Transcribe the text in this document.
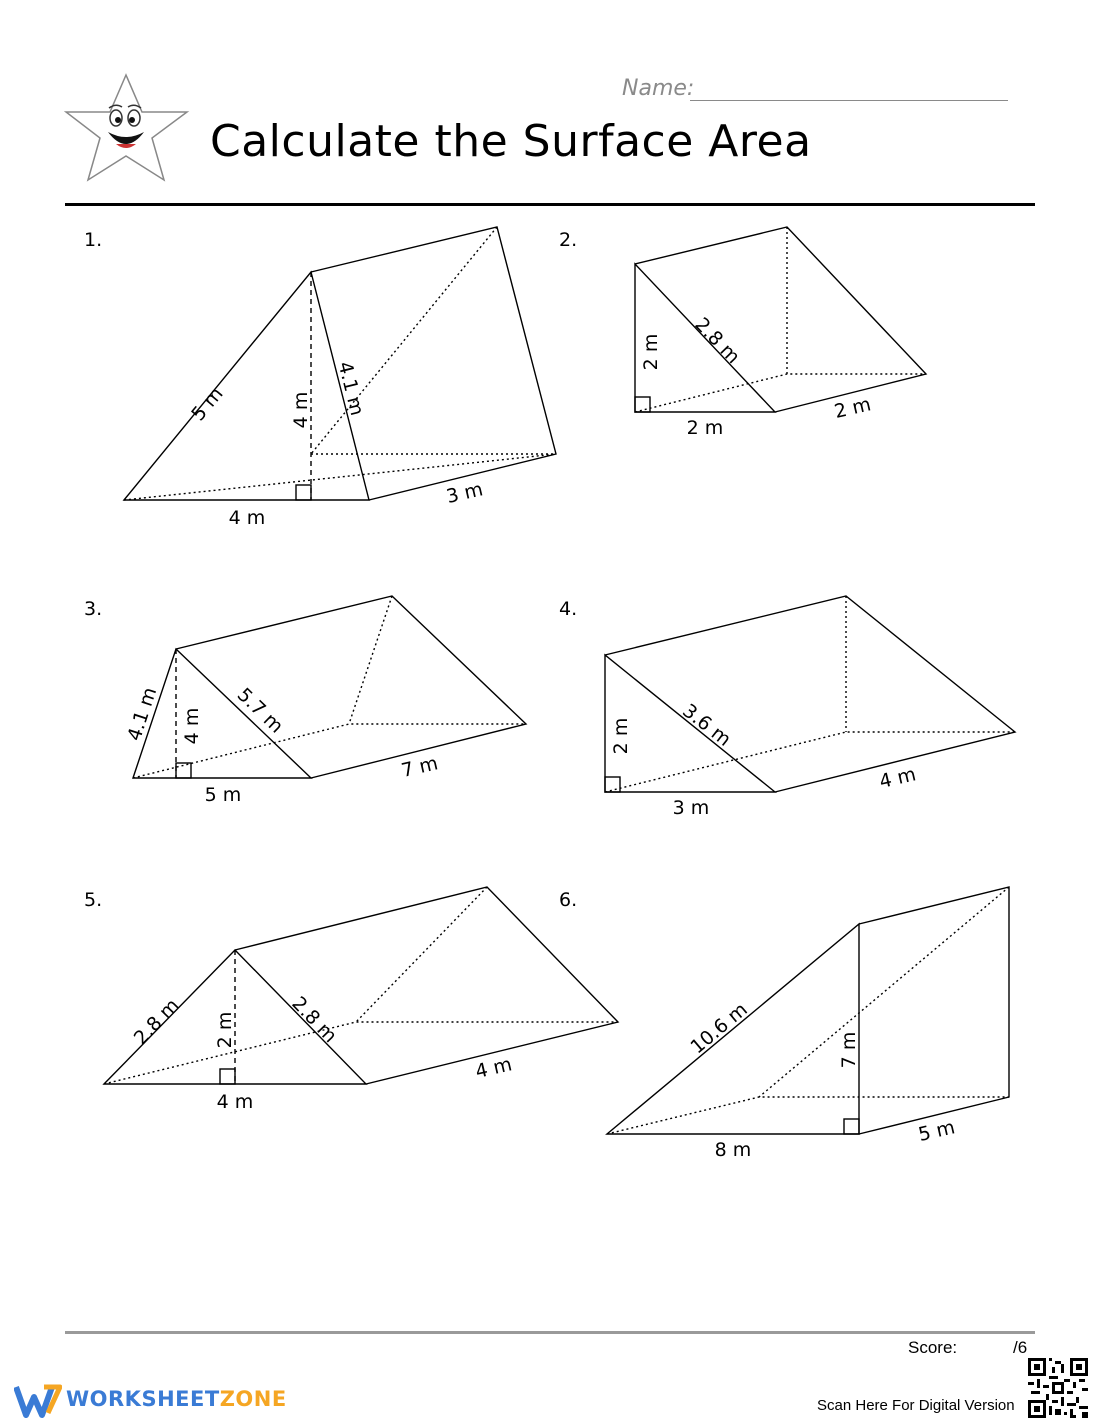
Name:
Calculate the Surface Area
1.	2.
3.	4.
5.	6.
5 m	4 m 4.1 m
4 m
3 m
2 m 2.8 m
2 m
2 m
4.1 m 4 m 5.7 m
5 m
7 m
2 m 3.6 m
3 m
4 m
2.8 m 2 m	2.8 m
4 m
4 m
10.6 m	7 m
8 m
5 m
Score:	/6
WORKSHEETZONE	Scan Here For Digital Version
